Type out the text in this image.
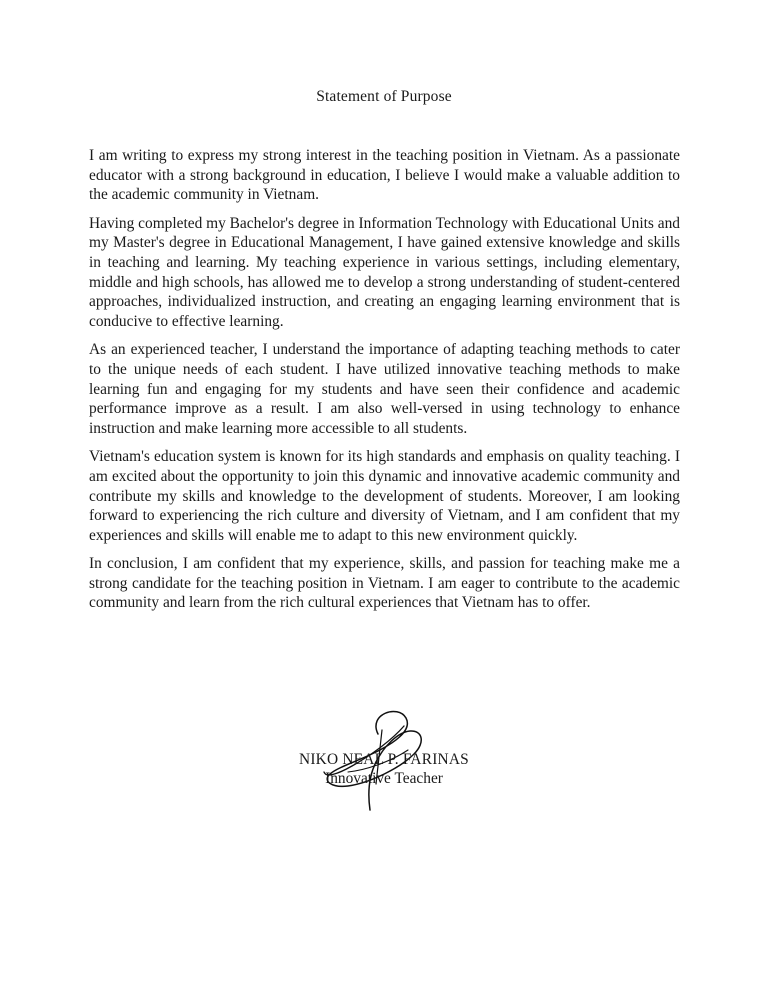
Statement of Purpose

I am writing to express my strong interest in the teaching position in Vietnam. As a passionate educator with a strong background in education, I believe I would make a valuable addition to the academic community in Vietnam.

Having completed my Bachelor's degree in Information Technology with Educational Units and my Master's degree in Educational Management, I have gained extensive knowledge and skills in teaching and learning. My teaching experience in various settings, including elementary, middle and high schools, has allowed me to develop a strong understanding of student-centered approaches, individualized instruction, and creating an engaging learning environment that is conducive to effective learning.

As an experienced teacher, I understand the importance of adapting teaching methods to cater to the unique needs of each student. I have utilized innovative teaching methods to make learning fun and engaging for my students and have seen their confidence and academic performance improve as a result. I am also well-versed in using technology to enhance instruction and make learning more accessible to all students.

Vietnam's education system is known for its high standards and emphasis on quality teaching. I am excited about the opportunity to join this dynamic and innovative academic community and contribute my skills and knowledge to the development of students. Moreover, I am looking forward to experiencing the rich culture and diversity of Vietnam, and I am confident that my experiences and skills will enable me to adapt to this new environment quickly.

In conclusion, I am confident that my experience, skills, and passion for teaching make me a strong candidate for the teaching position in Vietnam. I am eager to contribute to the academic community and learn from the rich cultural experiences that Vietnam has to offer.

NIKO NEAL P. FARINAS
Innovative Teacher
